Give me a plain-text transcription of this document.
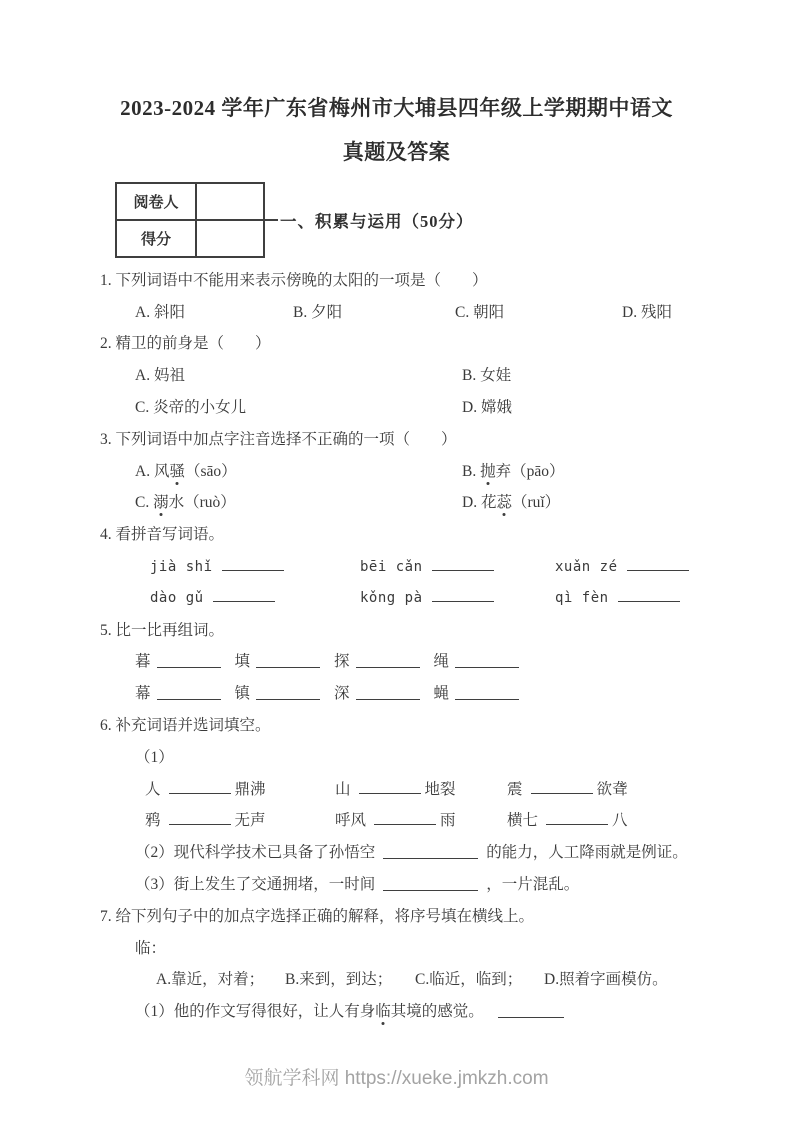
2023-2024 学年广东省梅州市大埔县四年级上学期期中语文
真题及答案
阅卷人	
得分	
一、积累与运用（50分）
1. 下列词语中不能用来表示傍晚的太阳的一项是（　　）
A. 斜阳	B. 夕阳	C. 朝阳	D. 残阳
2. 精卫的前身是（　　）
A. 妈祖	B. 女娃
C. 炎帝的小女儿	D. 嫦娥
3. 下列词语中加点字注音选择不正确的一项（　　）
A. 风骚（sāo）	B. 抛弃（pāo）
C. 溺水（ruò）	D. 花蕊（ruǐ）
4. 看拼音写词语。
jià shǐ	bēi cǎn	xuǎn zé
dào gǔ	kǒng pà	qì fèn
5. 比一比再组词。
暮	填	探	绳
幕	镇	深	蝇
6. 补充词语并选词填空。
（1）
人	鼎沸	山	地裂	震	欲聋
鸦	无声	呼风	雨	横七	八
（2）现代科学技术已具备了孙悟空	的能力，人工降雨就是例证。
（3）街上发生了交通拥堵，一时间	，一片混乱。
7. 给下列句子中的加点字选择正确的解释，将序号填在横线上。
临：
A.靠近，对着；	B.来到，到达；	C.临近，临到；	D.照着字画模仿。
（1）他的作文写得很好，让人有身 临 其境的感觉。
领航学科网 https://xueke.jmkzh.com
